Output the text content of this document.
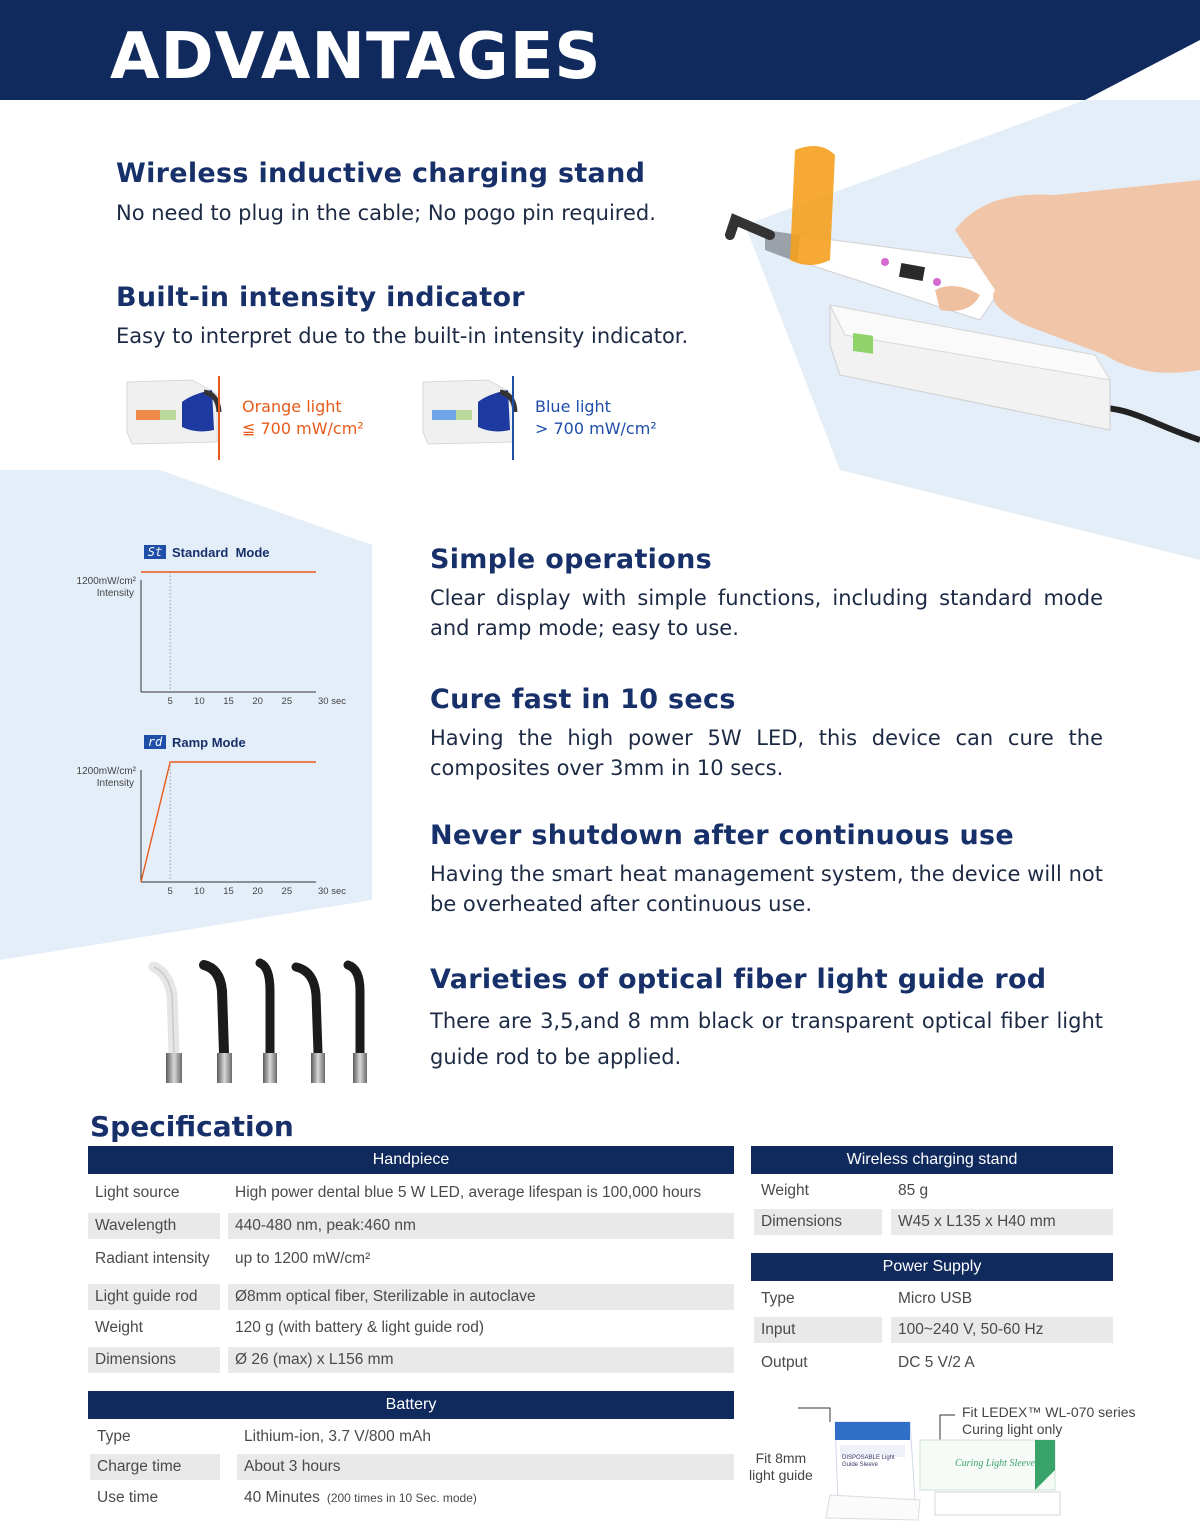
ADVANTAGES
Wireless inductive charging stand
No need to plug in the cable; No pogo pin required.
Built-in intensity indicator
Easy to interpret due to the built-in intensity indicator.
Orange light
≦ 700 mW/cm²
Blue light
> 700 mW/cm²
St Standard  Mode
Intensity
1200mW/cm²
5 10 15 20 25	30 sec
rd Ramp Mode
Intensity
1200mW/cm²
5 10 15 20 25	30 sec
Simple operations
Clear display with simple functions, including standard mode and ramp mode; easy to use.
Cure fast in 10 secs
Having the high power 5W LED, this device can cure the composites over 3mm in 10 secs.
Never shutdown after continuous use
Having the smart heat management system, the device will not be overheated after continuous use.
Varieties of optical fiber light guide rod
There are 3,5,and 8 mm black or transparent optical fiber light guide rod to be applied.
Specification
Handpiece
Light source	High power dental blue 5 W LED, average lifespan is 100,000 hours
Wavelength	440-480 nm, peak:460 nm
Radiant intensity	up to 1200 mW/cm²
Light guide rod	Ø8mm optical fiber, Sterilizable in autoclave
Weight	120 g (with battery & light guide rod)
Dimensions	Ø 26 (max) x L156 mm
Battery
Type	Lithium-ion, 3.7 V/800 mAh
Charge time	About 3 hours
Use time	40 Minutes (200 times in 10 Sec. mode)
Wireless charging stand
Weight	85 g
Dimensions	W45 x L135 x H40 mm
Power Supply
Type	Micro USB
Input	100~240 V, 50-60 Hz
Output	DC 5 V/2 A
Fit LEDEX™ WL-070 series
Curing light only
Fit 8mm
light guide
DISPOSABLE Light Guide Sleeve	Curing Light Sleeve
